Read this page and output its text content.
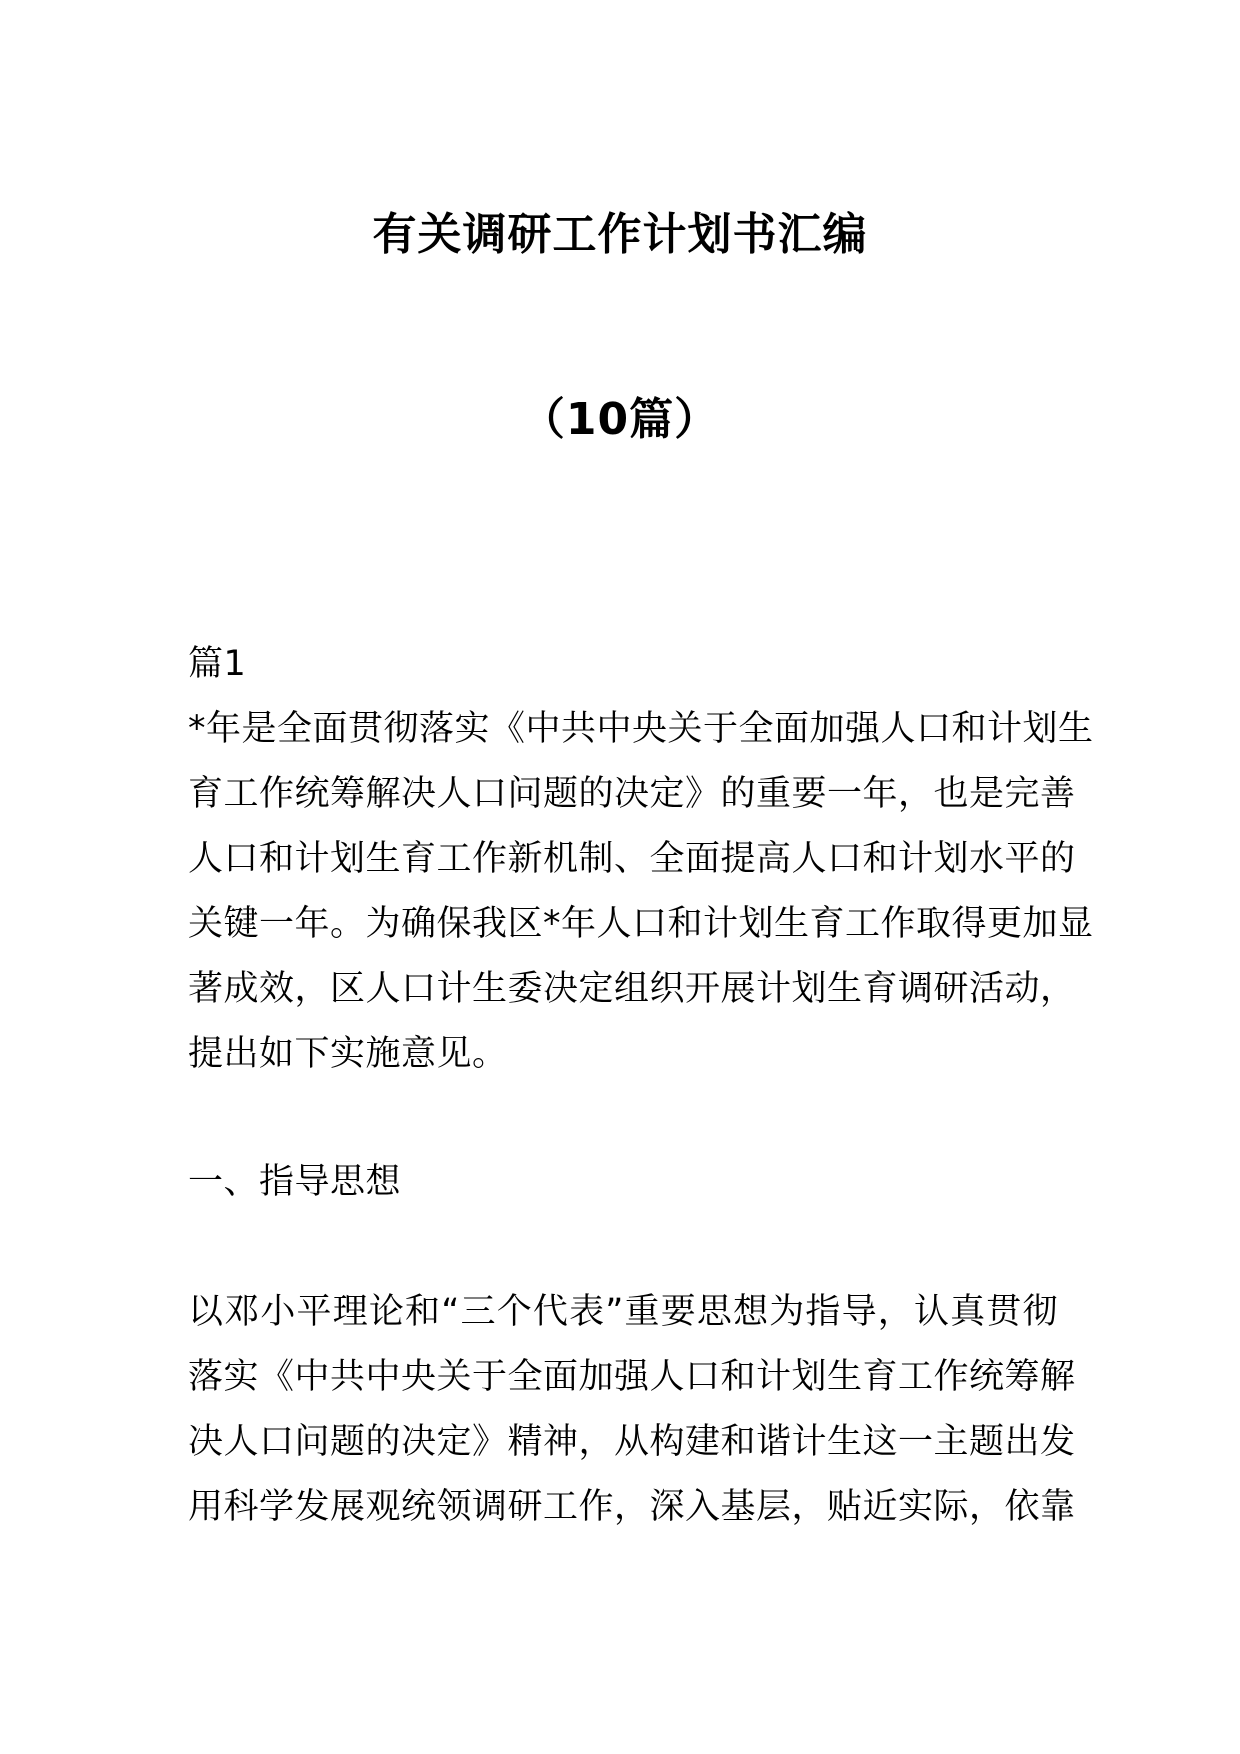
有关调研工作计划书汇编
（10篇）
篇1
*年是全面贯彻落实《中共中央关于全面加强人口和计划生
育工作统筹解决人口问题的决定》的重要一年，也是完善
人口和计划生育工作新机制、全面提高人口和计划水平的
关键一年。为确保我区*年人口和计划生育工作取得更加显
著成效，区人口计生委决定组织开展计划生育调研活动，
提出如下实施意见。
一、指导思想
以邓小平理论和“三个代表”重要思想为指导，认真贯彻
落实《中共中央关于全面加强人口和计划生育工作统筹解
决人口问题的决定》精神，从构建和谐计生这一主题出发
用科学发展观统领调研工作，深入基层，贴近实际，依靠
